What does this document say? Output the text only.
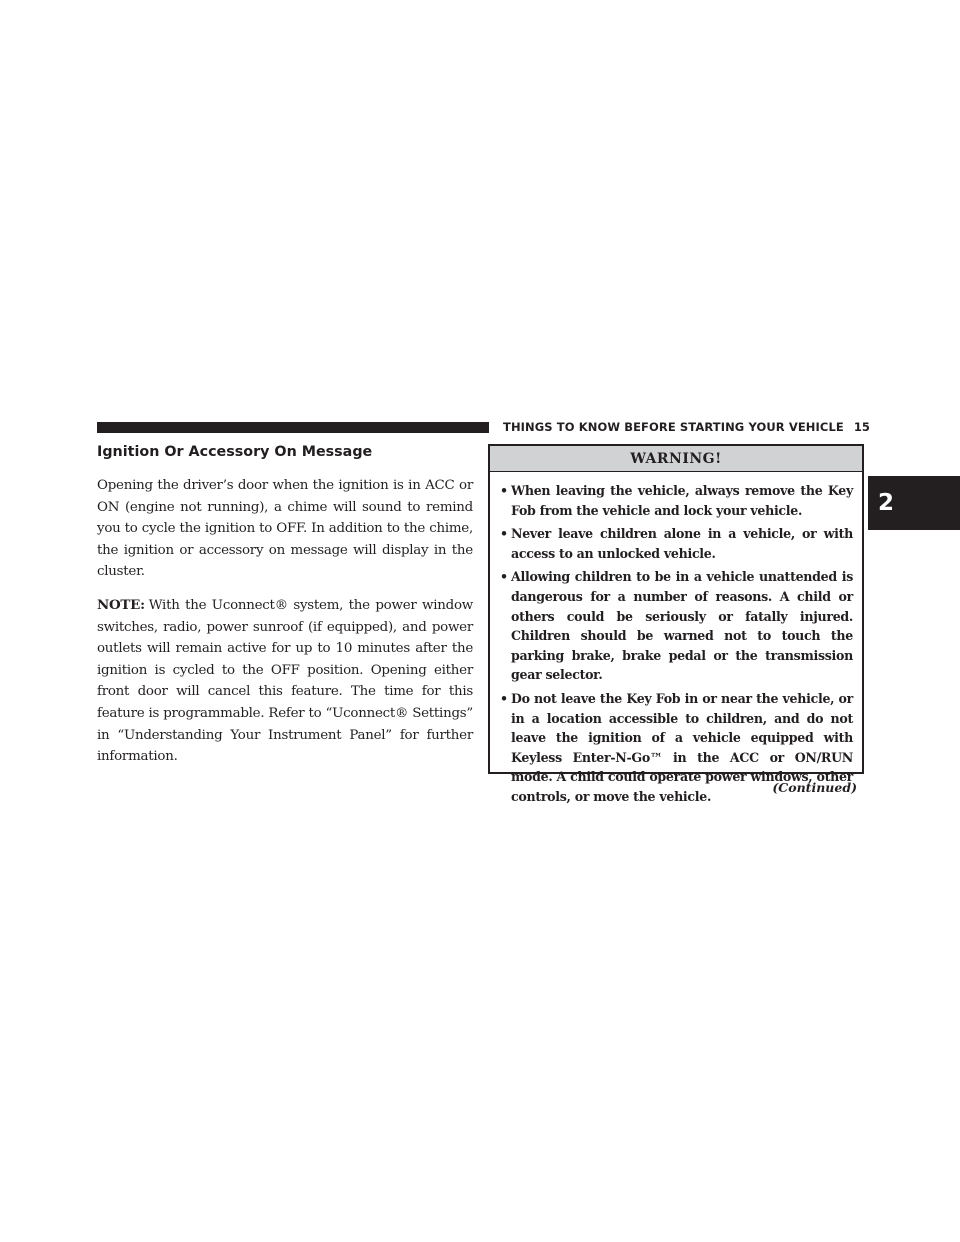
THINGS TO KNOW BEFORE STARTING YOUR VEHICLE 15
2
Ignition Or Accessory On Message

Opening the driver’s door when the ignition is in ACC or ON (engine not running), a chime will sound to remind you to cycle the ignition to OFF. In addition to the chime, the ignition or accessory on message will display in the cluster.

NOTE: With the Uconnect® system, the power window switches, radio, power sunroof (if equipped), and power outlets will remain active for up to 10 minutes after the ignition is cycled to the OFF position. Opening either front door will cancel this feature. The time for this feature is programmable. Refer to “Uconnect® Settings” in “Understanding Your Instrument Panel” for further information.

WARNING!
• When leaving the vehicle, always remove the Key Fob from the vehicle and lock your vehicle.
• Never leave children alone in a vehicle, or with access to an unlocked vehicle.
• Allowing children to be in a vehicle unattended is dangerous for a number of reasons. A child or others could be seriously or fatally injured. Children should be warned not to touch the parking brake, brake pedal or the transmission gear selector.
• Do not leave the Key Fob in or near the vehicle, or in a location accessible to children, and do not leave the ignition of a vehicle equipped with Keyless Enter-N-Go™ in the ACC or ON/RUN mode. A child could operate power windows, other controls, or move the vehicle.
(Continued)
